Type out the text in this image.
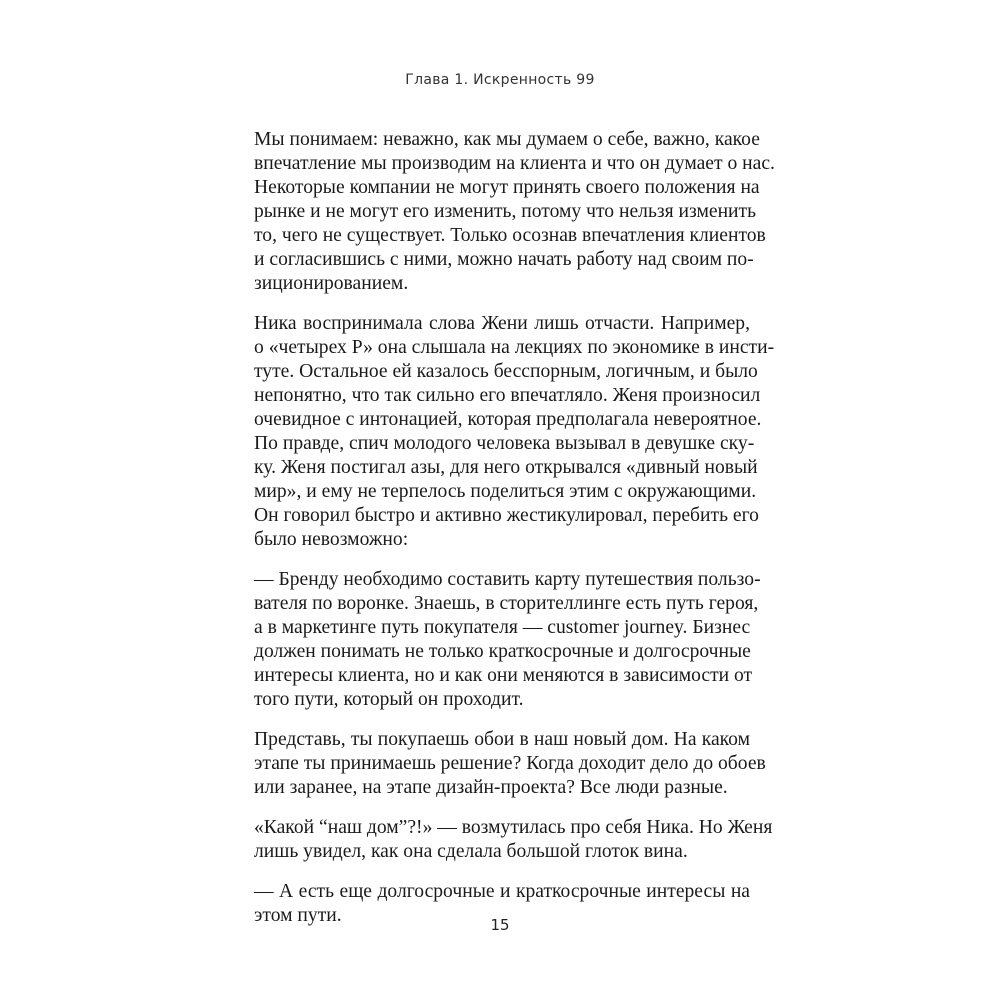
Глава 1. Искренность 99

Мы понимаем: неважно, как мы думаем о себе, важно, какое
впечатление мы производим на клиента и что он думает о нас.
Некоторые компании не могут принять своего положения на
рынке и не могут его изменить, потому что нельзя изменить
то, чего не существует. Только осознав впечатления клиентов
и согласившись с ними, можно начать работу над своим по-
зиционированием.

Ника воспринимала слова Жени лишь отчасти. Например,
о «четырех Р» она слышала на лекциях по экономике в инсти-
туте. Остальное ей казалось бесспорным, логичным, и было
непонятно, что так сильно его впечатляло. Женя произносил
очевидное с интонацией, которая предполагала невероятное.
По правде, спич молодого человека вызывал в девушке ску-
ку. Женя постигал азы, для него открывался «дивный новый
мир», и ему не терпелось поделиться этим с окружающими.
Он говорил быстро и активно жестикулировал, перебить его
было невозможно:

— Бренду необходимо составить карту путешествия пользо-
вателя по воронке. Знаешь, в сторителлинге есть путь героя,
а в маркетинге путь покупателя — customer journey. Бизнес
должен понимать не только краткосрочные и долгосрочные
интересы клиента, но и как они меняются в зависимости от
того пути, который он проходит.

Представь, ты покупаешь обои в наш новый дом. На каком
этапе ты принимаешь решение? Когда доходит дело до обоев
или заранее, на этапе дизайн-проекта? Все люди разные.

«Какой “наш дом”?!» — возмутилась про себя Ника. Но Женя
лишь увидел, как она сделала большой глоток вина.

— А есть еще долгосрочные и краткосрочные интересы на
этом пути.	15
